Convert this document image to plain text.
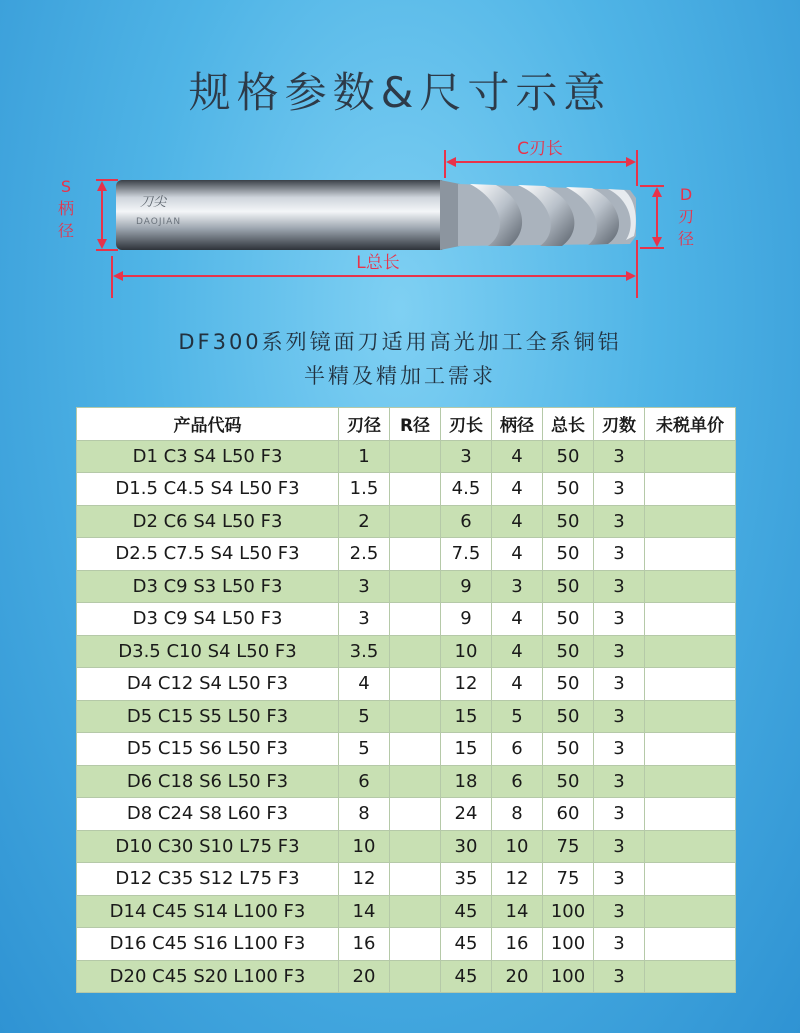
规格参数&尺寸示意
刀尖
DAOJIAN
C刃长
L总长
S
柄
径
D
刃
径
DF300系列镜面刀适用高光加工全系铜铝
半精及精加工需求
产品代码	刃径	R径	刃长	柄径	总长	刃数	未税单价
D1 C3 S4 L50 F3	1		3	4	50	3	
D1.5 C4.5 S4 L50 F3	1.5		4.5	4	50	3	
D2 C6 S4 L50 F3	2		6	4	50	3	
D2.5 C7.5 S4 L50 F3	2.5		7.5	4	50	3	
D3 C9 S3 L50 F3	3		9	3	50	3	
D3 C9 S4 L50 F3	3		9	4	50	3	
D3.5 C10 S4 L50 F3	3.5		10	4	50	3	
D4 C12 S4 L50 F3	4		12	4	50	3	
D5 C15 S5 L50 F3	5		15	5	50	3	
D5 C15 S6 L50 F3	5		15	6	50	3	
D6 C18 S6 L50 F3	6		18	6	50	3	
D8 C24 S8 L60 F3	8		24	8	60	3	
D10 C30 S10 L75 F3	10		30	10	75	3	
D12 C35 S12 L75 F3	12		35	12	75	3	
D14 C45 S14 L100 F3	14		45	14	100	3	
D16 C45 S16 L100 F3	16		45	16	100	3	
D20 C45 S20 L100 F3	20		45	20	100	3	
